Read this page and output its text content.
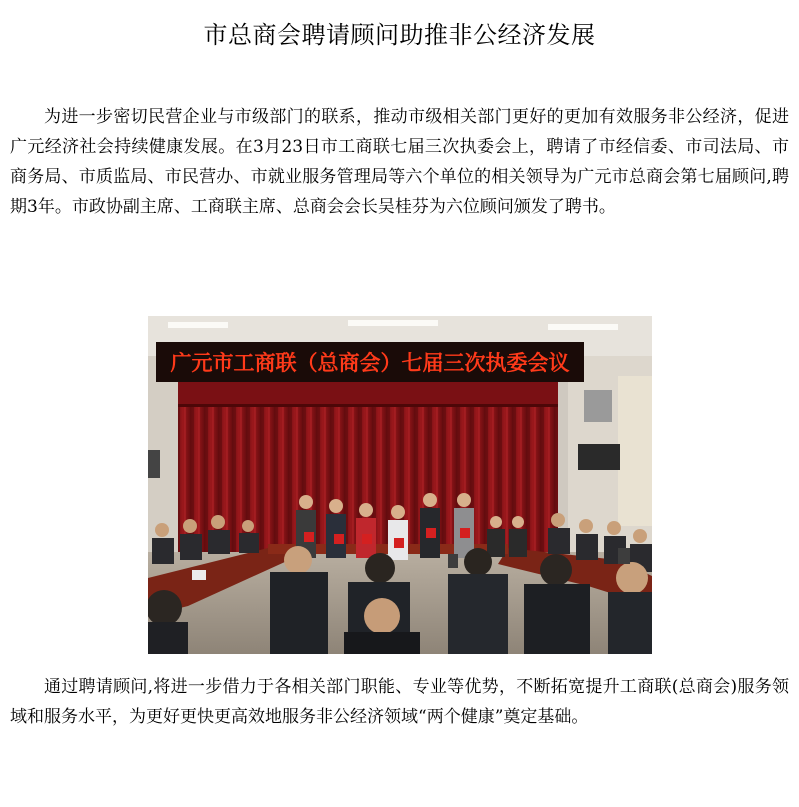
市总商会聘请顾问助推非公经济发展

为进一步密切民营企业与市级部门的联系，推动市级相关部门更好的更加有效服务非公经济，促进广元经济社会持续健康发展。在3月23日市工商联七届三次执委会上，聘请了市经信委、市司法局、市商务局、市质监局、市民营办、市就业服务管理局等六个单位的相关领导为广元市总商会第七届顾问,聘期3年。市政协副主席、工商联主席、总商会会长吴桂芬为六位顾问颁发了聘书。

广元市工商联（总商会）七届三次执委会议

通过聘请顾问,将进一步借力于各相关部门职能、专业等优势，不断拓宽提升工商联(总商会)服务领域和服务水平，为更好更快更高效地服务非公经济领域“两个健康”奠定基础。
